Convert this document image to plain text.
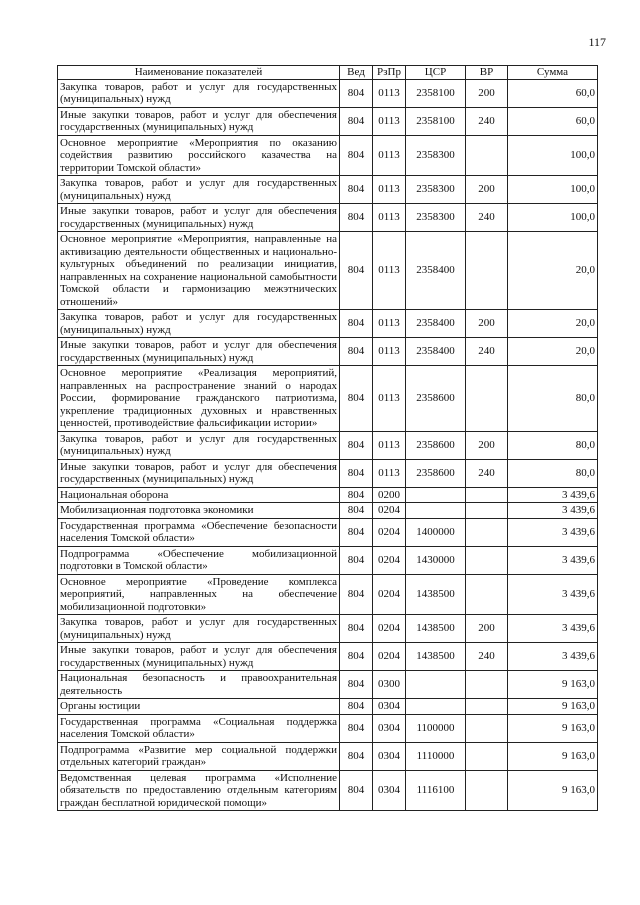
117
Наименование показателей	Вед	РзПр	ЦСР	ВР	Сумма
Закупка товаров, работ и услуг для государственных (муниципальных) нужд	804	0113	2358100	200	60,0
Иные закупки товаров, работ и услуг для обеспечения государственных (муниципальных) нужд	804	0113	2358100	240	60,0
Основное мероприятие «Мероприятия по оказанию содействия развитию российского казачества на территории Томской области»	804	0113	2358300		100,0
Закупка товаров, работ и услуг для государственных (муниципальных) нужд	804	0113	2358300	200	100,0
Иные закупки товаров, работ и услуг для обеспечения государственных (муниципальных) нужд	804	0113	2358300	240	100,0
Основное мероприятие «Мероприятия, направленные на активизацию деятельности общественных и национально-культурных объединений по реализации инициатив, направленных на сохранение национальной самобытности Томской области и гармонизацию межэтнических отношений»	804	0113	2358400		20,0
Закупка товаров, работ и услуг для государственных (муниципальных) нужд	804	0113	2358400	200	20,0
Иные закупки товаров, работ и услуг для обеспечения государственных (муниципальных) нужд	804	0113	2358400	240	20,0
Основное мероприятие «Реализация мероприятий, направленных на распространение знаний о народах России, формирование гражданского патриотизма, укрепление традиционных духовных и нравственных ценностей, противодействие фальсификации истории»	804	0113	2358600		80,0
Закупка товаров, работ и услуг для государственных (муниципальных) нужд	804	0113	2358600	200	80,0
Иные закупки товаров, работ и услуг для обеспечения государственных (муниципальных) нужд	804	0113	2358600	240	80,0
Национальная оборона	804	0200			3 439,6
Мобилизационная подготовка экономики	804	0204			3 439,6
Государственная программа «Обеспечение безопасности населения Томской области»	804	0204	1400000		3 439,6
Подпрограмма «Обеспечение мобилизационной подготовки в Томской области»	804	0204	1430000		3 439,6
Основное мероприятие «Проведение комплекса мероприятий, направленных на обеспечение мобилизационной подготовки»	804	0204	1438500		3 439,6
Закупка товаров, работ и услуг для государственных (муниципальных) нужд	804	0204	1438500	200	3 439,6
Иные закупки товаров, работ и услуг для обеспечения государственных (муниципальных) нужд	804	0204	1438500	240	3 439,6
Национальная безопасность и правоохранительная деятельность	804	0300			9 163,0
Органы юстиции	804	0304			9 163,0
Государственная программа «Социальная поддержка населения Томской области»	804	0304	1100000		9 163,0
Подпрограмма «Развитие мер социальной поддержки отдельных категорий граждан»	804	0304	1110000		9 163,0
Ведомственная целевая программа «Исполнение обязательств по предоставлению отдельным категориям граждан бесплатной юридической помощи»	804	0304	1116100		9 163,0
